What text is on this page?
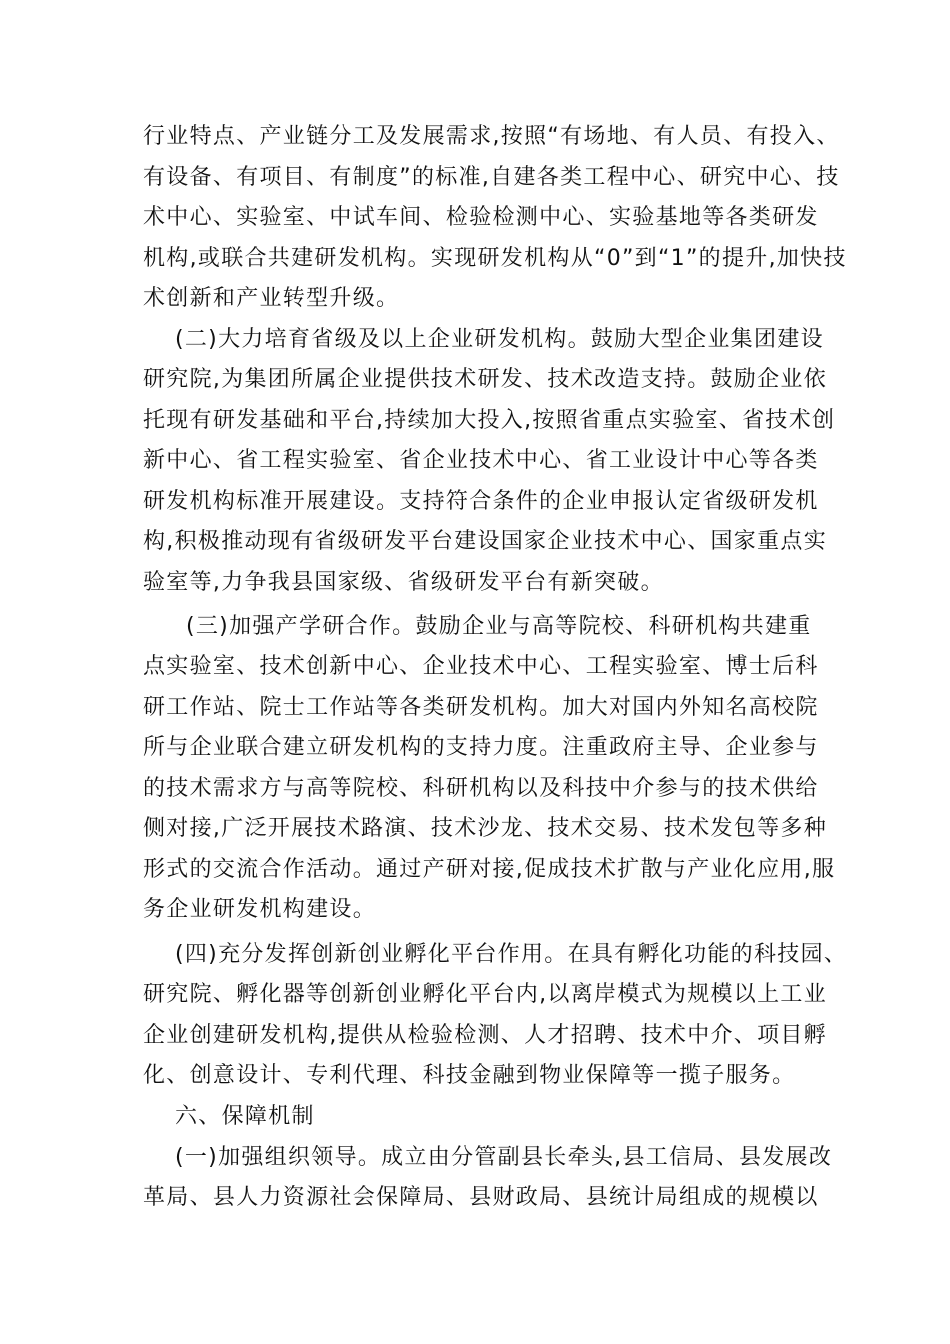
行业特点、产业链分工及发展需求,按照“有场地、有人员、有投入、
有设备、有项目、有制度”的标准,自建各类工程中心、研究中心、技
术中心、实验室、中试车间、检验检测中心、实验基地等各类研发
机构,或联合共建研发机构。实现研发机构从“0”到“1”的提升,加快技
术创新和产业转型升级。
(二)大力培育省级及以上企业研发机构。鼓励大型企业集团建设
研究院,为集团所属企业提供技术研发、技术改造支持。鼓励企业依
托现有研发基础和平台,持续加大投入,按照省重点实验室、省技术创
新中心、省工程实验室、省企业技术中心、省工业设计中心等各类
研发机构标准开展建设。支持符合条件的企业申报认定省级研发机
构,积极推动现有省级研发平台建设国家企业技术中心、国家重点实
验室等,力争我县国家级、省级研发平台有新突破。
(三)加强产学研合作。鼓励企业与高等院校、科研机构共建重
点实验室、技术创新中心、企业技术中心、工程实验室、博士后科
研工作站、院士工作站等各类研发机构。加大对国内外知名高校院
所与企业联合建立研发机构的支持力度。注重政府主导、企业参与
的技术需求方与高等院校、科研机构以及科技中介参与的技术供给
侧对接,广泛开展技术路演、技术沙龙、技术交易、技术发包等多种
形式的交流合作活动。通过产研对接,促成技术扩散与产业化应用,服
务企业研发机构建设。
(四)充分发挥创新创业孵化平台作用。在具有孵化功能的科技园、
研究院、孵化器等创新创业孵化平台内,以离岸模式为规模以上工业
企业创建研发机构,提供从检验检测、人才招聘、技术中介、项目孵
化、创意设计、专利代理、科技金融到物业保障等一揽子服务。
六、保障机制
(一)加强组织领导。成立由分管副县长牵头,县工信局、县发展改
革局、县人力资源社会保障局、县财政局、县统计局组成的规模以
